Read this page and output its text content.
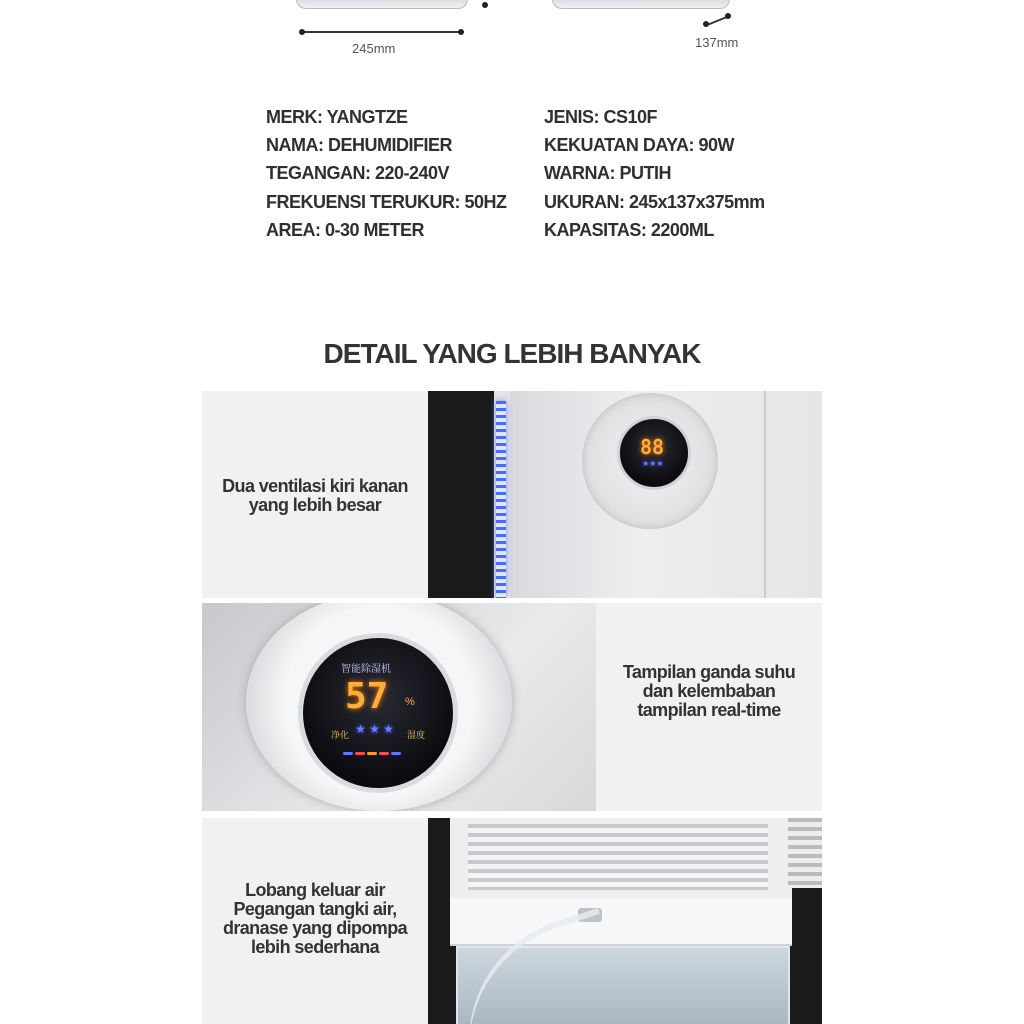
245mm	137mm
MERK: YANGTZE
NAMA: DEHUMIDIFIER
TEGANGAN: 220-240V
FREKUENSI TERUKUR: 50HZ
AREA: 0-30 METER
JENIS: CS10F
KEKUATAN DAYA: 90W
WARNA: PUTIH
UKURAN: 245x137x375mm
KAPASITAS: 2200ML
DETAIL YANG LEBIH BANYAK
Dua ventilasi kiri kanan
yang lebih besar
88
★★★
智能除湿机
57 %
净化	湿度
★ ★ ★
Tampilan ganda suhu
dan kelembaban
tampilan real-time
Lobang keluar air
Pegangan tangki air,
dranase yang dipompa
lebih sederhana
